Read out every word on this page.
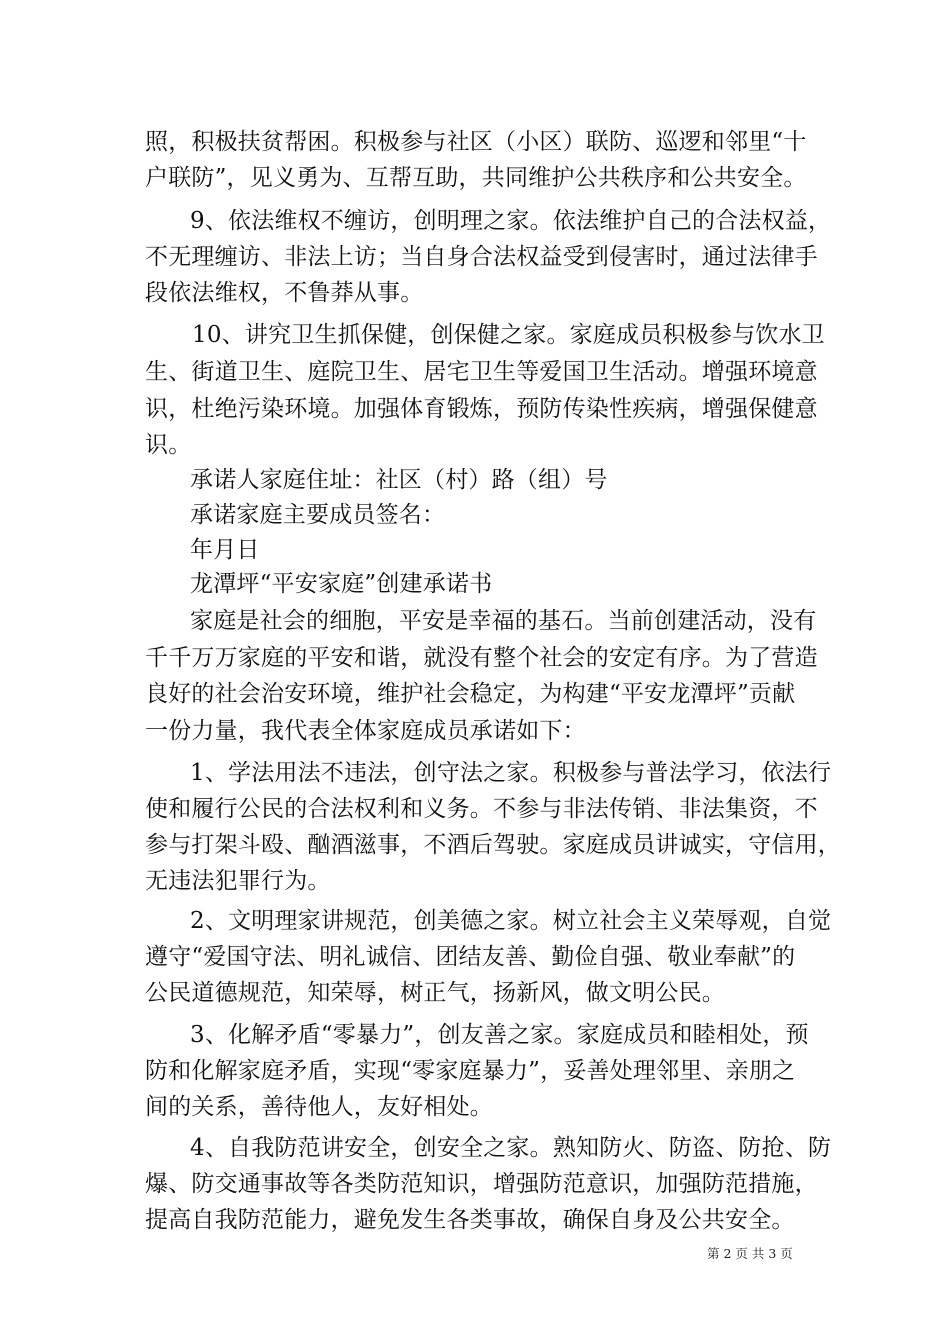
照，积极扶贫帮困。积极参与社区（小区）联防、巡逻和邻里“十
户联防”，见义勇为、互帮互助，共同维护公共秩序和公共安全。
9、依法维权不缠访，创明理之家。依法维护自己的合法权益，
不无理缠访、非法上访；当自身合法权益受到侵害时，通过法律手
段依法维权，不鲁莽从事。
10、讲究卫生抓保健，创保健之家。家庭成员积极参与饮水卫
生、街道卫生、庭院卫生、居宅卫生等爱国卫生活动。增强环境意
识，杜绝污染环境。加强体育锻炼，预防传染性疾病，增强保健意
识。
承诺人家庭住址：社区（村）路（组）号
承诺家庭主要成员签名：
年月日
龙潭坪“平安家庭”创建承诺书
家庭是社会的细胞，平安是幸福的基石。当前创建活动，没有
千千万万家庭的平安和谐，就没有整个社会的安定有序。为了营造
良好的社会治安环境，维护社会稳定，为构建“平安龙潭坪”贡献
一份力量，我代表全体家庭成员承诺如下：
1、学法用法不违法，创守法之家。积极参与普法学习，依法行
使和履行公民的合法权利和义务。不参与非法传销、非法集资，不
参与打架斗殴、酗酒滋事，不酒后驾驶。家庭成员讲诚实，守信用，
无违法犯罪行为。
2、文明理家讲规范，创美德之家。树立社会主义荣辱观，自觉
遵守“爱国守法、明礼诚信、团结友善、勤俭自强、敬业奉献”的
公民道德规范，知荣辱，树正气，扬新风，做文明公民。
3、化解矛盾“零暴力”，创友善之家。家庭成员和睦相处，预
防和化解家庭矛盾，实现“零家庭暴力”，妥善处理邻里、亲朋之
间的关系，善待他人，友好相处。
4、自我防范讲安全，创安全之家。熟知防火、防盗、防抢、防
爆、防交通事故等各类防范知识，增强防范意识，加强防范措施，
提高自我防范能力，避免发生各类事故，确保自身及公共安全。
第 2 页 共 3 页
